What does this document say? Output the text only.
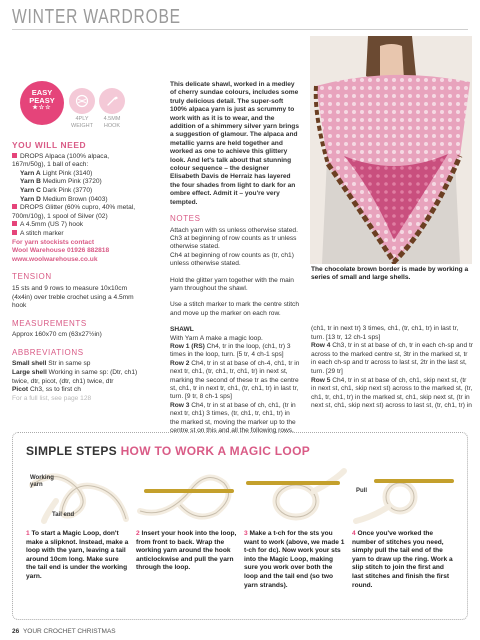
WINTER WARDROBE
EASY
PEASY
★☆☆
4PLY WEIGHT
4.5MM HOOK
YOU WILL NEED
DROPS Alpaca (100% alpaca, 167m/50g), 1 ball of each:
Yarn A Light Pink (3140)
Yarn B Medium Pink (3720)
Yarn C Dark Pink (3770)
Yarn D Medium Brown (0403)
DROPS Glitter (60% cupro, 40% metal, 700m/10g), 1 spool of Silver (02)
A 4.5mm (US 7) hook
A stitch marker
For yarn stockists contact
Wool Warehouse 01926 882818
www.woolwarehouse.co.uk
TENSION
15 sts and 9 rows to measure 10x10cm (4x4in) over treble crochet using a 4.5mm hook
MEASUREMENTS
Approx 160x70 cm (63x27½in)
ABBREVIATIONS
Small shell Str in same sp
Large shell Working in same sp: (Dtr, ch1) twice, dtr, picot, (dtr, ch1) twice, dtr
Picot Ch3, ss to first ch
For a full list, see page 128

This delicate shawl, worked in a medley of cherry sundae colours, includes some truly delicious detail. The super-soft 100% alpaca yarn is just as scrummy to work with as it is to wear, and the addition of a shimmery silver yarn brings a suggestion of glamour. The alpaca and metallic yarns are held together and worked as one to achieve this glittery look. And let's talk about that stunning colour sequence – the designer Elisabeth Davis de Herraiz has layered the four shades from light to dark for an ombre effect. Admit it – you're very tempted.

NOTES
Attach yarn with ss unless otherwise stated.
Ch3 at beginning of row counts as tr unless otherwise stated.

Ch4 at beginning of row counts as (tr, ch1) unless otherwise stated.

Hold the glitter yarn together with the main yarn throughout the shawl.

Use a stitch marker to mark the centre stitch and move up the marker on each row.

SHAWL
With Yarn A make a magic loop.
Row 1 (RS) Ch4, tr in the loop, (ch1, tr) 3 times in the loop, turn. [5 tr, 4 ch-1 sps]
Row 2 Ch4, tr in st at base of ch-4, ch1, tr in next tr, ch1, (tr, ch1, tr, ch1, tr) in next st, marking the second of these tr as the centre st, ch1, tr in next tr, ch1, (tr, ch1, tr) in last tr, turn. [9 tr, 8 ch-1 sps]
Row 3 Ch4, tr in st at base of ch, ch1, (tr in next tr, ch1) 3 times, (tr, ch1, tr, ch1, tr) in the marked st, moving the marker up to the centre st on this and all the following rows,
The chocolate brown border is made by working a series of small and large shells.
(ch1, tr in next tr) 3 times, ch1, (tr, ch1, tr) in last tr, turn. [13 tr, 12 ch-1 sps]
Row 4 Ch3, tr in st at base of ch, tr in each ch-sp and tr across to the marked centre st, 3tr in the marked st, tr in each ch-sp and tr across to last st, 2tr in the last st, turn. [29 tr]
Row 5 Ch4, tr in st at base of ch, ch1, skip next st, (tr in next st, ch1, skip next st) across to the marked st, (tr, ch1, tr, ch1, tr) in the marked st, ch1, skip next st, (tr in next st, ch1, skip next st) across to last st, (tr, ch1, tr) in
SIMPLE STEPS HOW TO WORK A MAGIC LOOP
Working yarn
Tail end
Pull
1 To start a Magic Loop, don't make a slipknot. Instead, make a loop with the yarn, leaving a tail around 10cm long. Make sure the tail end is under the working yarn.
2 Insert your hook into the loop, from front to back. Wrap the working yarn around the hook anticlockwise and pull the yarn through the loop.
3 Make a t-ch for the sts you want to work (above, we made 1 t-ch for dc). Now work your sts into the Magic Loop, making sure you work over both the loop and the tail end (so two yarn strands).
4 Once you've worked the number of stitches you need, simply pull the tail end of the yarn to draw up the ring. Work a slip stitch to join the first and last stitches and finish the first round.
26 YOUR CROCHET CHRISTMAS
